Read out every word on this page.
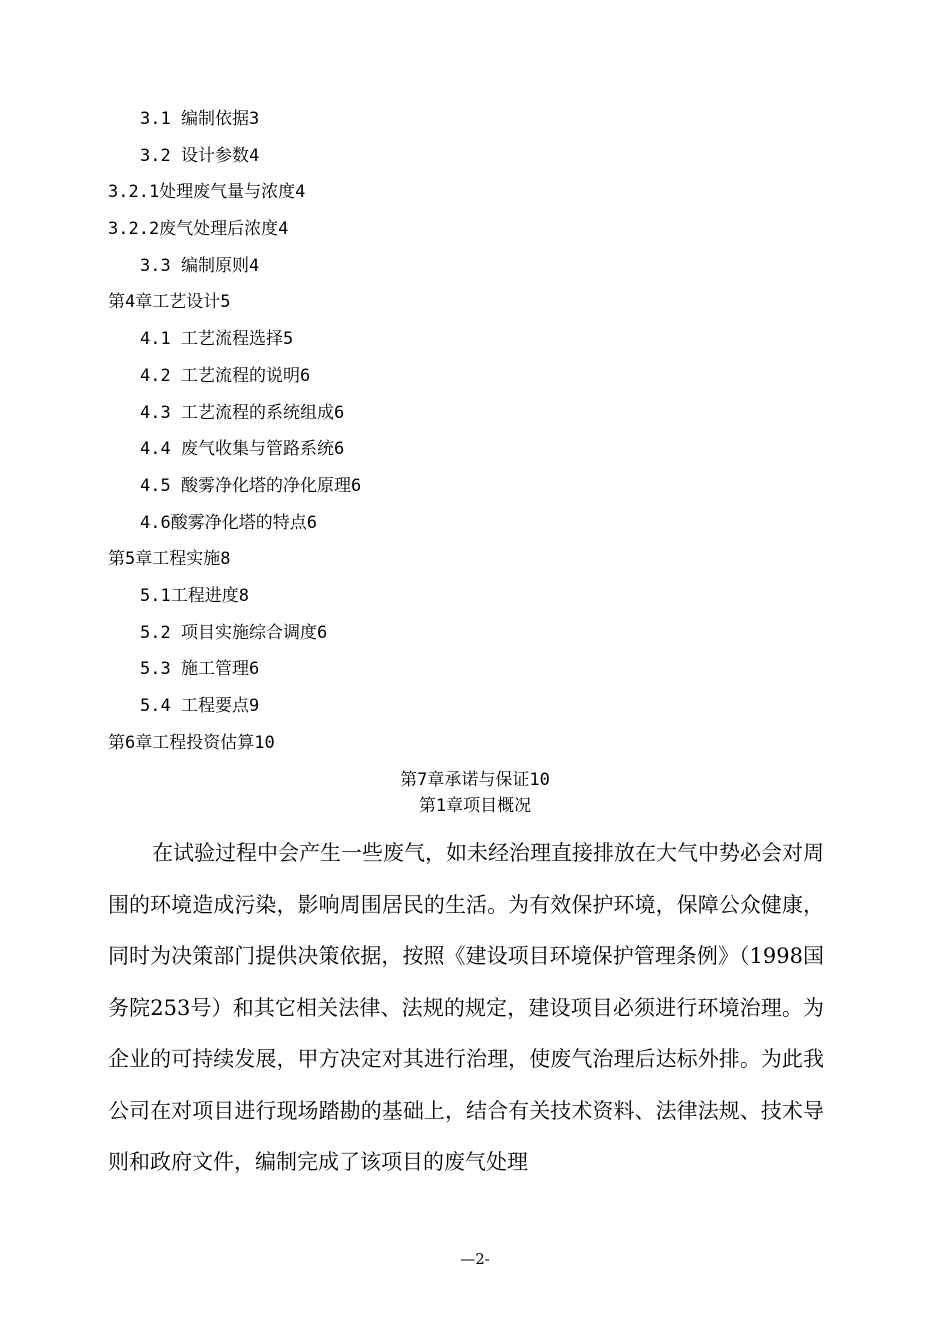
3.1 编制依据3
3.2 设计参数4
3.2.1处理废气量与浓度4
3.2.2废气处理后浓度4
3.3 编制原则4
第4章工艺设计5
4.1 工艺流程选择5
4.2 工艺流程的说明6
4.3 工艺流程的系统组成6
4.4 废气收集与管路系统6
4.5 酸雾净化塔的净化原理6
4.6酸雾净化塔的特点6
第5章工程实施8
5.1工程进度8
5.2 项目实施综合调度6
5.3 施工管理6
5.4 工程要点9
第6章工程投资估算10
第7章承诺与保证10
第1章项目概况

在试验过程中会产生一些废气，如未经治理直接排放在大气中势必会对周围的环境造成污染，影响周围居民的生活。为有效保护环境，保障公众健康，同时为决策部门提供决策依据，按照《建设项目环境保护管理条例》（1998国务院253号）和其它相关法律、法规的规定，建设项目必须进行环境治理。为企业的可持续发展，甲方决定对其进行治理，使废气治理后达标外排。为此我公司在对项目进行现场踏勘的基础上，结合有关技术资料、法律法规、技术导则和政府文件，编制完成了该项目的废气处理

—2-
